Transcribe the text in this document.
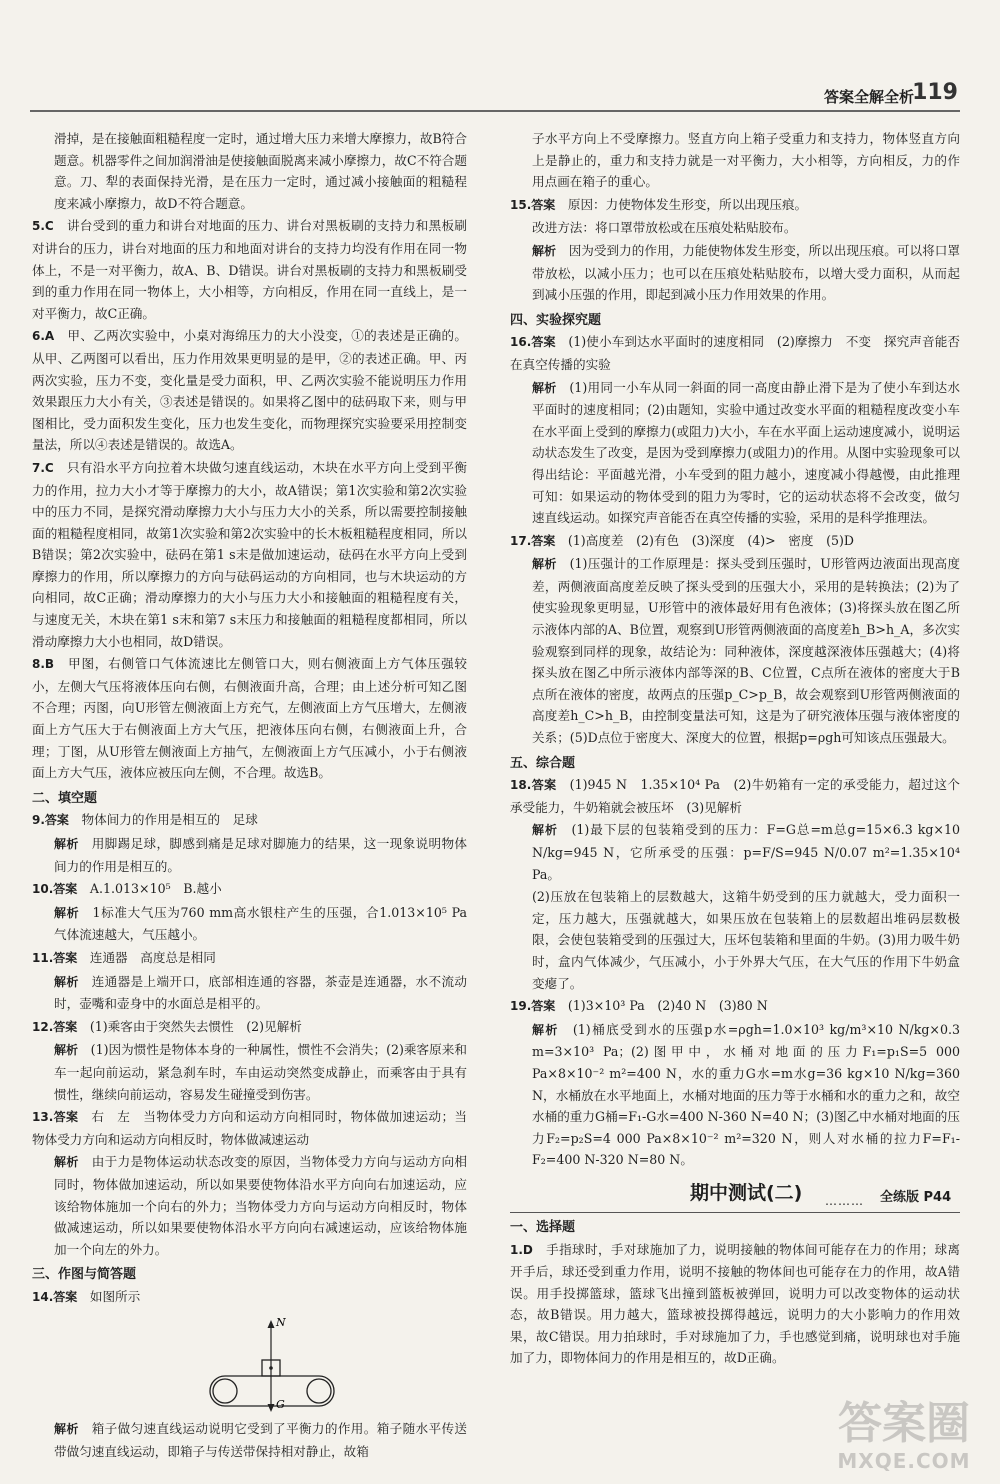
答案全解全析
119

滑掉，是在接触面粗糙程度一定时，通过增大压力来增大摩擦力，故B符合题意。机器零件之间加润滑油是使接触面脱离来减小摩擦力，故C不符合题意。刀、犁的表面保持光滑，是在压力一定时，通过减小接触面的粗糙程度来减小摩擦力，故D不符合题意。

5.C　 讲台受到的重力和讲台对地面的压力、讲台对黑板刷的支持力和黑板刷对讲台的压力，讲台对地面的压力和地面对讲台的支持力均没有作用在同一物体上，不是一对平衡力，故A、B、D错误。讲台对黑板刷的支持力和黑板刷受到的重力作用在同一物体上，大小相等，方向相反，作用在同一直线上，是一对平衡力，故C正确。

6.A　 甲、乙两次实验中，小桌对海绵压力的大小没变，①的表述是正确的。从甲、乙两图可以看出，压力作用效果更明显的是甲，②的表述正确。甲、丙两次实验，压力不变，变化量是受力面积，甲、乙两次实验不能说明压力作用效果跟压力大小有关，③表述是错误的。如果将乙图中的砝码取下来，则与甲图相比，受力面积发生变化，压力也发生变化，而物理探究实验要采用控制变量法，所以④表述是错误的。故选A。

7.C　 只有沿水平方向拉着木块做匀速直线运动，木块在水平方向上受到平衡力的作用，拉力大小才等于摩擦力的大小，故A错误；第1次实验和第2次实验中的压力不同，是探究滑动摩擦力大小与压力大小的关系，所以需要控制接触面的粗糙程度相同，故第1次实验和第2次实验中的长木板粗糙程度相同，所以B错误；第2次实验中，砝码在第1 s末是做加速运动，砝码在水平方向上受到摩擦力的作用，所以摩擦力的方向与砝码运动的方向相同，也与木块运动的方向相同，故C正确；滑动摩擦力的大小与压力大小和接触面的粗糙程度有关，与速度无关，木块在第1 s末和第7 s末压力和接触面的粗糙程度都相同，所以滑动摩擦力大小也相同，故D错误。

8.B　 甲图，右侧管口气体流速比左侧管口大，则右侧液面上方气体压强较小，左侧大气压将液体压向右侧，右侧液面升高，合理；由上述分析可知乙图不合理；丙图，向U形管左侧液面上方充气，左侧液面上方气压增大，左侧液面上方气压大于右侧液面上方大气压，把液体压向右侧，右侧液面上升，合理；丁图，从U形管左侧液面上方抽气，左侧液面上方气压减小，小于右侧液面上方大气压，液体应被压向左侧，不合理。故选B。

二、填空题

9.答案　 物体间力的作用是相互的　足球

解析　 用脚踢足球，脚感到痛是足球对脚施力的结果，这一现象说明物体间力的作用是相互的。

10.答案　 A.1.013×10⁵　B.越小

解析　 1标准大气压为760 mm高水银柱产生的压强，合1.013×10⁵ Pa　气体流速越大，气压越小。

11.答案　 连通器　高度总是相同

解析　 连通器是上端开口，底部相连通的容器，茶壶是连通器，水不流动时，壶嘴和壶身中的水面总是相平的。

12.答案　 (1)乘客由于突然失去惯性　(2)见解析

解析　 (1)因为惯性是物体本身的一种属性，惯性不会消失；(2)乘客原来和车一起向前运动，紧急刹车时，车由运动突然变成静止，而乘客由于具有惯性，继续向前运动，容易发生碰撞受到伤害。

13.答案　 右　左　当物体受力方向和运动方向相同时，物体做加速运动；当物体受力方向和运动方向相反时，物体做减速运动

解析　 由于力是物体运动状态改变的原因，当物体受力方向与运动方向相同时，物体做加速运动，所以如果要使物体沿水平方向向右加速运动，应该给物体施加一个向右的外力；当物体受力方向与运动方向相反时，物体做减速运动，所以如果要使物体沿水平方向向右减速运动，应该给物体施加一个向左的外力。

三、作图与简答题

14.答案　 如图所示

N
G

解析　 箱子做匀速直线运动说明它受到了平衡力的作用。箱子随水平传送带做匀速直线运动，即箱子与传送带保持相对静止，故箱

子水平方向上不受摩擦力。竖直方向上箱子受重力和支持力，物体竖直方向上是静止的，重力和支持力就是一对平衡力，大小相等，方向相反，力的作用点画在箱子的重心。

15.答案　 原因：力使物体发生形变，所以出现压痕。

改进方法：将口罩带放松或在压痕处粘贴胶布。

解析　 因为受到力的作用，力能使物体发生形变，所以出现压痕。可以将口罩带放松，以减小压力；也可以在压痕处粘贴胶布，以增大受力面积，从而起到减小压强的作用，即起到减小压力作用效果的作用。

四、实验探究题

16.答案　 (1)使小车到达水平面时的速度相同　(2)摩擦力　不变　探究声音能否在真空传播的实验

解析　 (1)用同一小车从同一斜面的同一高度由静止滑下是为了使小车到达水平面时的速度相同；(2)由题知，实验中通过改变水平面的粗糙程度改变小车在水平面上受到的摩擦力(或阻力)大小，车在水平面上运动速度减小，说明运动状态发生了改变，是因为受到摩擦力(或阻力)的作用。从图中实验现象可以得出结论：平面越光滑，小车受到的阻力越小，速度减小得越慢，由此推理可知：如果运动的物体受到的阻力为零时，它的运动状态将不会改变，做匀速直线运动。如探究声音能否在真空传播的实验，采用的是科学推理法。

17.答案　 (1)高度差　(2)有色　(3)深度　(4)>　密度　(5)D

解析　 (1)压强计的工作原理是：探头受到压强时，U形管两边液面出现高度差，两侧液面高度差反映了探头受到的压强大小，采用的是转换法；(2)为了使实验现象更明显，U形管中的液体最好用有色液体；(3)将探头放在图乙所示液体内部的A、B位置，观察到U形管两侧液面的高度差h_B>h_A，多次实验观察到同样的现象，故结论为：同种液体，深度越深液体压强越大；(4)将探头放在图乙中所示液体内部等深的B、C位置，C点所在液体的密度大于B点所在液体的密度，故两点的压强p_C>p_B，故会观察到U形管两侧液面的高度差h_C>h_B，由控制变量法可知，这是为了研究液体压强与液体密度的关系；(5)D点位于密度大、深度大的位置，根据p=ρgh可知该点压强最大。

五、综合题

18.答案　 (1)945 N　1.35×10⁴ Pa　(2)牛奶箱有一定的承受能力，超过这个承受能力，牛奶箱就会被压坏　(3)见解析

解析　 (1)最下层的包装箱受到的压力：F=G总=m总g=15×6.3 kg×10 N/kg=945 N，它所承受的压强：p=F/S=945 N/0.07 m²=1.35×10⁴ Pa。

(2)压放在包装箱上的层数越大，这箱牛奶受到的压力就越大，受力面积一定，压力越大，压强就越大，如果压放在包装箱上的层数超出堆码层数极限，会使包装箱受到的压强过大，压坏包装箱和里面的牛奶。(3)用力吸牛奶时，盒内气体减少，气压减小，小于外界大气压，在大气压的作用下牛奶盒变瘪了。

19.答案　 (1)3×10³ Pa　(2)40 N　(3)80 N

解析　 (1)桶底受到水的压强p水=ρgh=1.0×10³ kg/m³×10 N/kg×0.3 m=3×10³ Pa；(2)图甲中，水桶对地面的压力F₁=p₁S=5 000 Pa×8×10⁻² m²=400 N，水的重力G水=m水g=36 kg×10 N/kg=360 N，水桶放在水平地面上，水桶对地面的压力等于水桶和水的重力之和，故空水桶的重力G桶=F₁-G水=400 N-360 N=40 N；(3)图乙中水桶对地面的压力F₂=p₂S=4 000 Pa×8×10⁻² m²=320 N，则人对水桶的拉力F=F₁-F₂=400 N-320 N=80 N。

期中测试(二) ……… 全练版 P44
一、选择题

1.D　 手指球时，手对球施加了力，说明接触的物体间可能存在力的作用；球离开手后，球还受到重力作用，说明不接触的物体间也可能存在力的作用，故A错误。用手投掷篮球，篮球飞出撞到篮板被弹回，说明力可以改变物体的运动状态，故B错误。用力越大，篮球被投掷得越远，说明力的大小影响力的作用效果，故C错误。用力拍球时，手对球施加了力，手也感觉到痛，说明球也对手施加了力，即物体间力的作用是相互的，故D正确。

答案圈
MXQE.COM
